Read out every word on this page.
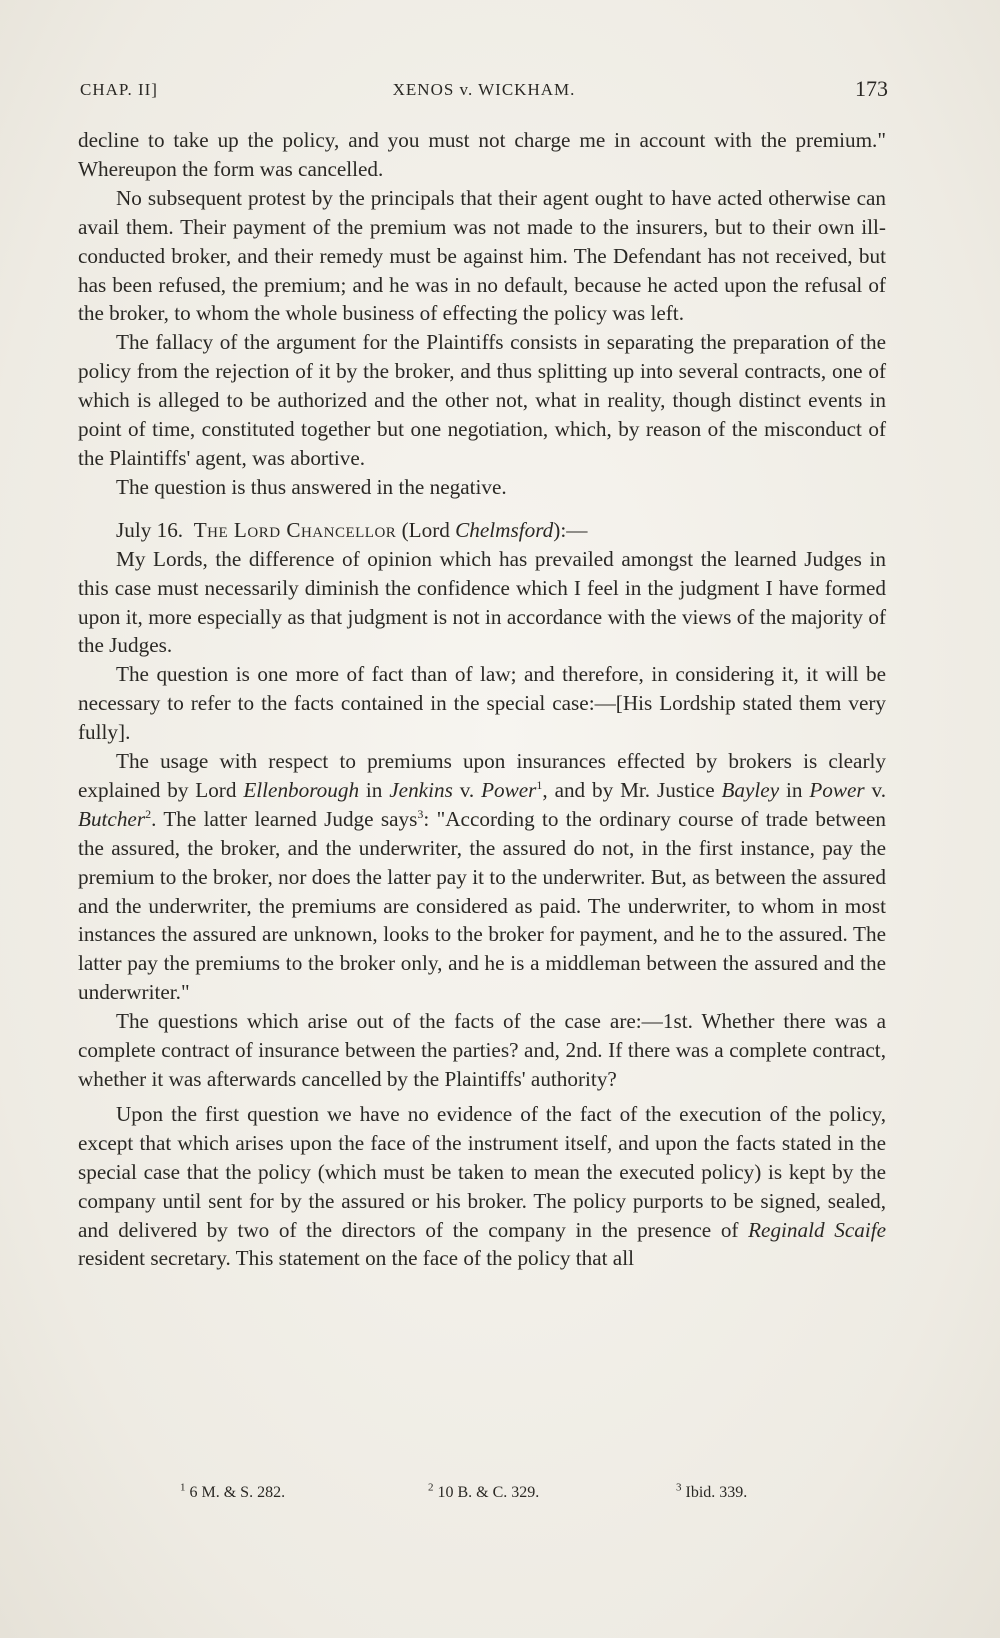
CHAP. II]	XENOS v. WICKHAM.	173

decline to take up the policy, and you must not charge me in account with the premium." Whereupon the form was cancelled.

No subsequent protest by the principals that their agent ought to have acted otherwise can avail them. Their payment of the premium was not made to the insurers, but to their own ill-conducted broker, and their remedy must be against him. The Defendant has not received, but has been refused, the premium; and he was in no default, because he acted upon the refusal of the broker, to whom the whole business of effecting the policy was left.

The fallacy of the argument for the Plaintiffs consists in separating the preparation of the policy from the rejection of it by the broker, and thus splitting up into several contracts, one of which is alleged to be authorized and the other not, what in reality, though distinct events in point of time, constituted together but one negotiation, which, by reason of the misconduct of the Plaintiffs' agent, was abortive.

The question is thus answered in the negative.

July 16. The Lord Chancellor (Lord Chelmsford):—

My Lords, the difference of opinion which has prevailed amongst the learned Judges in this case must necessarily diminish the confidence which I feel in the judgment I have formed upon it, more especially as that judgment is not in accordance with the views of the majority of the Judges.

The question is one more of fact than of law; and therefore, in considering it, it will be necessary to refer to the facts contained in the special case:—[His Lordship stated them very fully].

The usage with respect to premiums upon insurances effected by brokers is clearly explained by Lord Ellenborough in Jenkins v. Power$^1$, and by Mr. Justice Bayley in Power v. Butcher$^2$. The latter learned Judge says$^3$: "According to the ordinary course of trade between the assured, the broker, and the underwriter, the assured do not, in the first instance, pay the premium to the broker, nor does the latter pay it to the underwriter. But, as between the assured and the underwriter, the premiums are considered as paid. The underwriter, to whom in most instances the assured are unknown, looks to the broker for payment, and he to the assured. The latter pay the premiums to the broker only, and he is a middleman between the assured and the underwriter."

The questions which arise out of the facts of the case are:—1st. Whether there was a complete contract of insurance between the parties? and, 2nd. If there was a complete contract, whether it was afterwards cancelled by the Plaintiffs' authority?

Upon the first question we have no evidence of the fact of the execution of the policy, except that which arises upon the face of the instrument itself, and upon the facts stated in the special case that the policy (which must be taken to mean the executed policy) is kept by the company until sent for by the assured or his broker. The policy purports to be signed, sealed, and delivered by two of the directors of the company in the presence of Reginald Scaife resident secretary. This statement on the face of the policy that all

$^1$ 6 M. & S. 282.	$^2$ 10 B. & C. 329.	$^3$ Ibid. 339.
